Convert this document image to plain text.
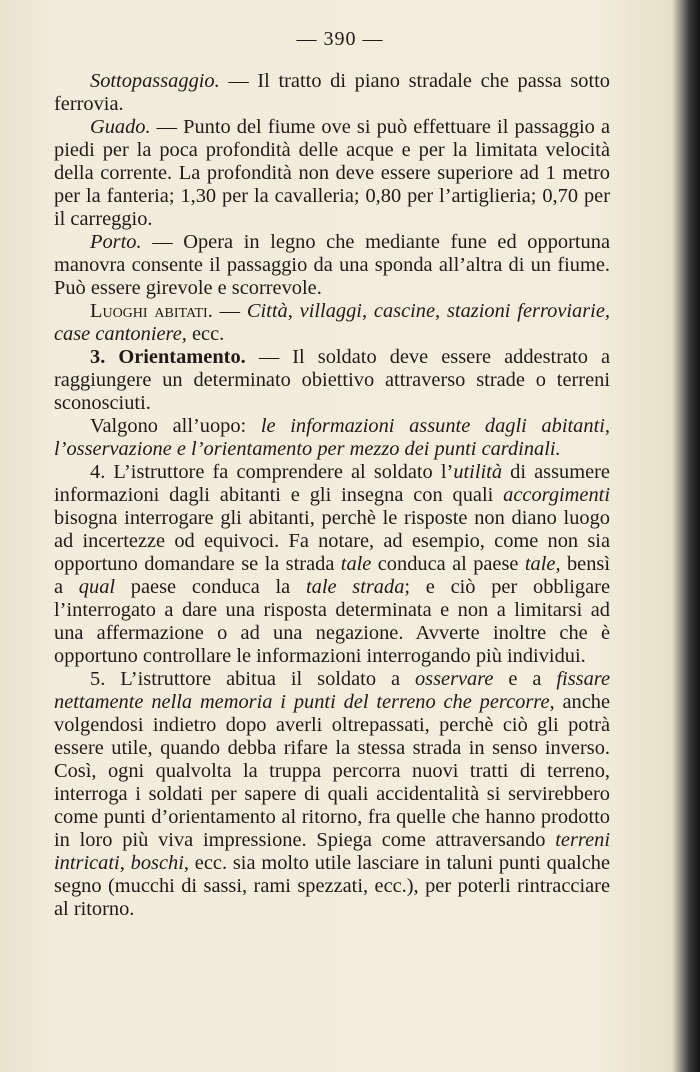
— 390 —

Sottopassaggio. — Il tratto di piano stradale che passa sotto ferrovia.

Guado. — Punto del fiume ove si può effettuare il passaggio a piedi per la poca profondità delle acque e per la limitata velocità della corrente. La profondità non deve essere superiore ad 1 metro per la fanteria; 1,30 per la cavalleria; 0,80 per l’artiglieria; 0,70 per il carreggio.

Porto. — Opera in legno che mediante fune ed opportuna manovra consente il passaggio da una sponda all’altra di un fiume. Può essere girevole e scorrevole.

Luoghi abitati. — Città, villaggi, cascine, stazioni ferroviarie, case cantoniere, ecc.

3. Orientamento. — Il soldato deve essere addestrato a raggiungere un determinato obiettivo attraverso strade o terreni sconosciuti.

Valgono all’uopo: le informazioni assunte dagli abitanti, l’osservazione e l’orientamento per mezzo dei punti cardinali.

4. L’istruttore fa comprendere al soldato l’utilità di assumere informazioni dagli abitanti e gli insegna con quali accorgimenti bisogna interrogare gli abitanti, perchè le risposte non diano luogo ad incertezze od equivoci. Fa notare, ad esempio, come non sia opportuno domandare se la strada tale conduca al paese tale, bensì a qual paese conduca la tale strada; e ciò per obbligare l’interrogato a dare una risposta determinata e non a limitarsi ad una affermazione o ad una negazione. Avverte inoltre che è opportuno controllare le informazioni interrogando più individui.

5. L’istruttore abitua il soldato a osservare e a fissare nettamente nella memoria i punti del terreno che percorre, anche volgendosi indietro dopo averli oltrepassati, perchè ciò gli potrà essere utile, quando debba rifare la stessa strada in senso inverso. Così, ogni qualvolta la truppa percorra nuovi tratti di terreno, interroga i soldati per sapere di quali accidentalità si servirebbero come punti d’orientamento al ritorno, fra quelle che hanno prodotto in loro più viva impressione. Spiega come attraversando terreni intricati, boschi, ecc. sia molto utile lasciare in taluni punti qualche segno (mucchi di sassi, rami spezzati, ecc.), per poterli rintracciare al ritorno.
